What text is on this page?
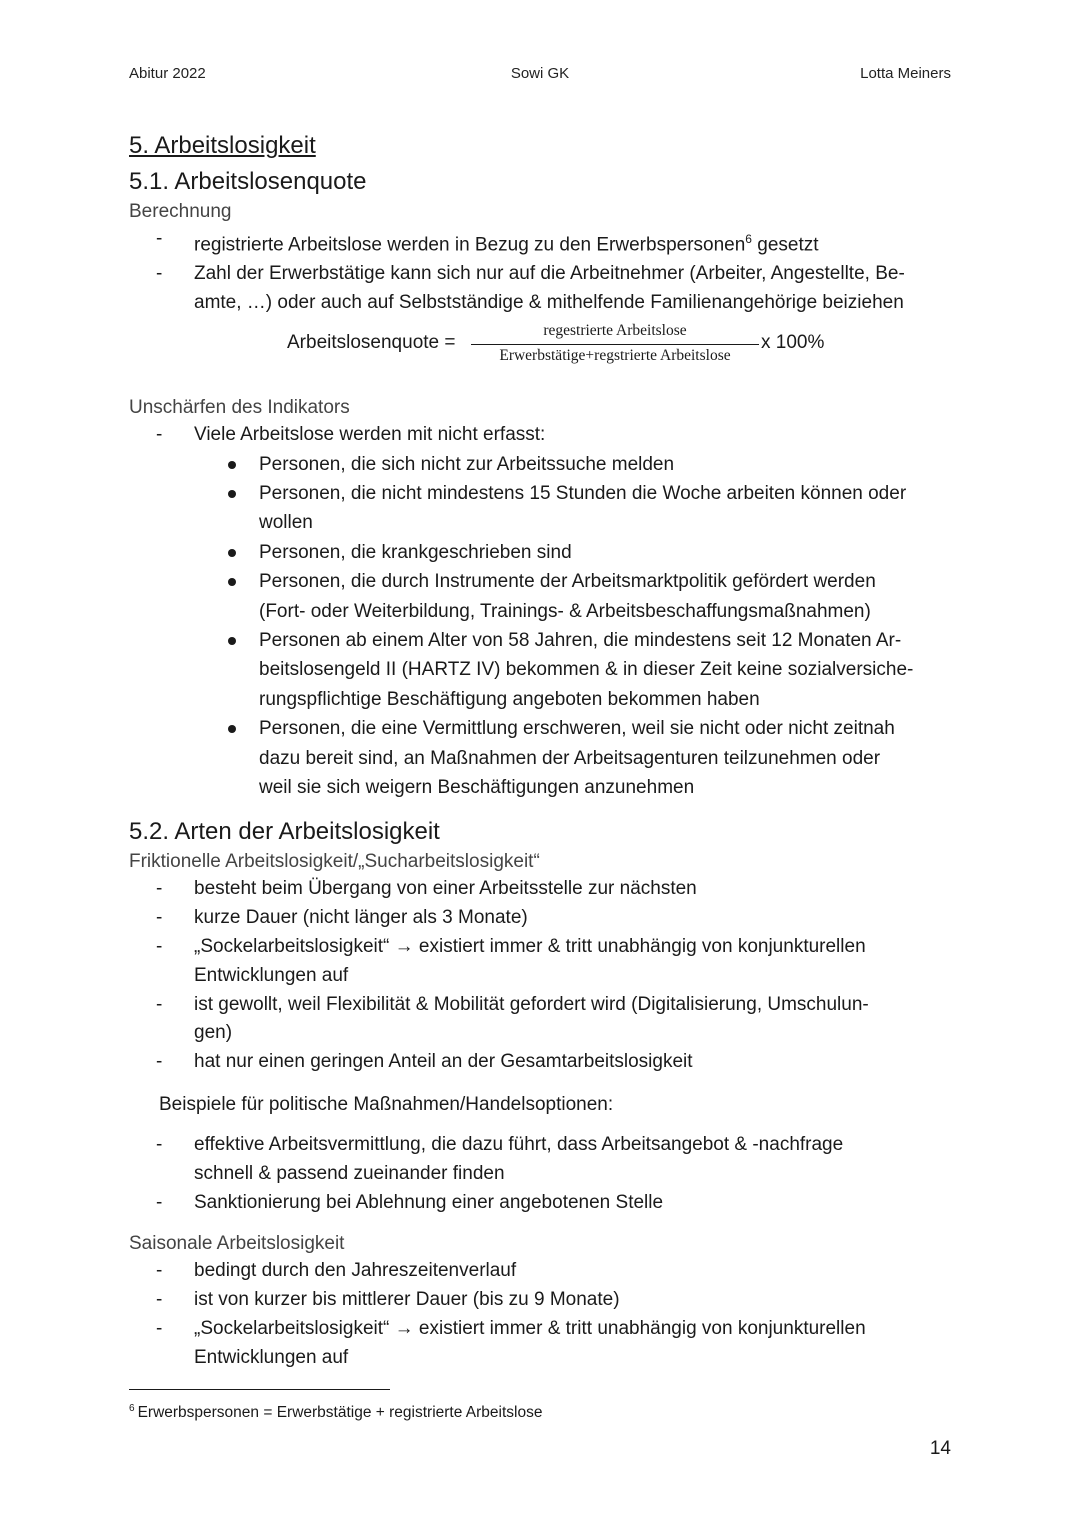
Abitur 2022	Sowi GK	Lotta Meiners
5. Arbeitslosigkeit
5.1. Arbeitslosenquote
Berechnung
- registrierte Arbeitslose werden in Bezug zu den Erwerbspersonen$^6$ gesetzt
- Zahl der Erwerbstätige kann sich nur auf die Arbeitnehmer (Arbeiter, Angestellte, Be-
amte, …) oder auch auf Selbstständige & mithelfende Familienangehörige beiziehen
Arbeitslosenquote =
regestrierte Arbeitslose
Erwerbstätige+regstrierte Arbeitslose
x 100%
Unschärfen des Indikators
- Viele Arbeitslose werden mit nicht erfasst:
Personen, die sich nicht zur Arbeitssuche melden
Personen, die nicht mindestens 15 Stunden die Woche arbeiten können oder
wollen
Personen, die krankgeschrieben sind
Personen, die durch Instrumente der Arbeitsmarktpolitik gefördert werden
(Fort- oder Weiterbildung, Trainings- & Arbeitsbeschaffungsmaßnahmen)
Personen ab einem Alter von 58 Jahren, die mindestens seit 12 Monaten Ar-
beitslosengeld II (HARTZ IV) bekommen & in dieser Zeit keine sozialversiche-
rungspflichtige Beschäftigung angeboten bekommen haben
Personen, die eine Vermittlung erschweren, weil sie nicht oder nicht zeitnah
dazu bereit sind, an Maßnahmen der Arbeitsagenturen teilzunehmen oder
weil sie sich weigern Beschäftigungen anzunehmen
5.2. Arten der Arbeitslosigkeit
Friktionelle Arbeitslosigkeit/„Sucharbeitslosigkeit“
- besteht beim Übergang von einer Arbeitsstelle zur nächsten
- kurze Dauer (nicht länger als 3 Monate)
- „Sockelarbeitslosigkeit“ → existiert immer & tritt unabhängig von konjunkturellen
Entwicklungen auf
- ist gewollt, weil Flexibilität & Mobilität gefordert wird (Digitalisierung, Umschulun-
gen)
- hat nur einen geringen Anteil an der Gesamtarbeitslosigkeit
Beispiele für politische Maßnahmen/Handelsoptionen:
- effektive Arbeitsvermittlung, die dazu führt, dass Arbeitsangebot & -nachfrage
schnell & passend zueinander finden
- Sanktionierung bei Ablehnung einer angebotenen Stelle
Saisonale Arbeitslosigkeit
- bedingt durch den Jahreszeitenverlauf
- ist von kurzer bis mittlerer Dauer (bis zu 9 Monate)
- „Sockelarbeitslosigkeit“ → existiert immer & tritt unabhängig von konjunkturellen
Entwicklungen auf
$^6$ Erwerbspersonen = Erwerbstätige + registrierte Arbeitslose
14
